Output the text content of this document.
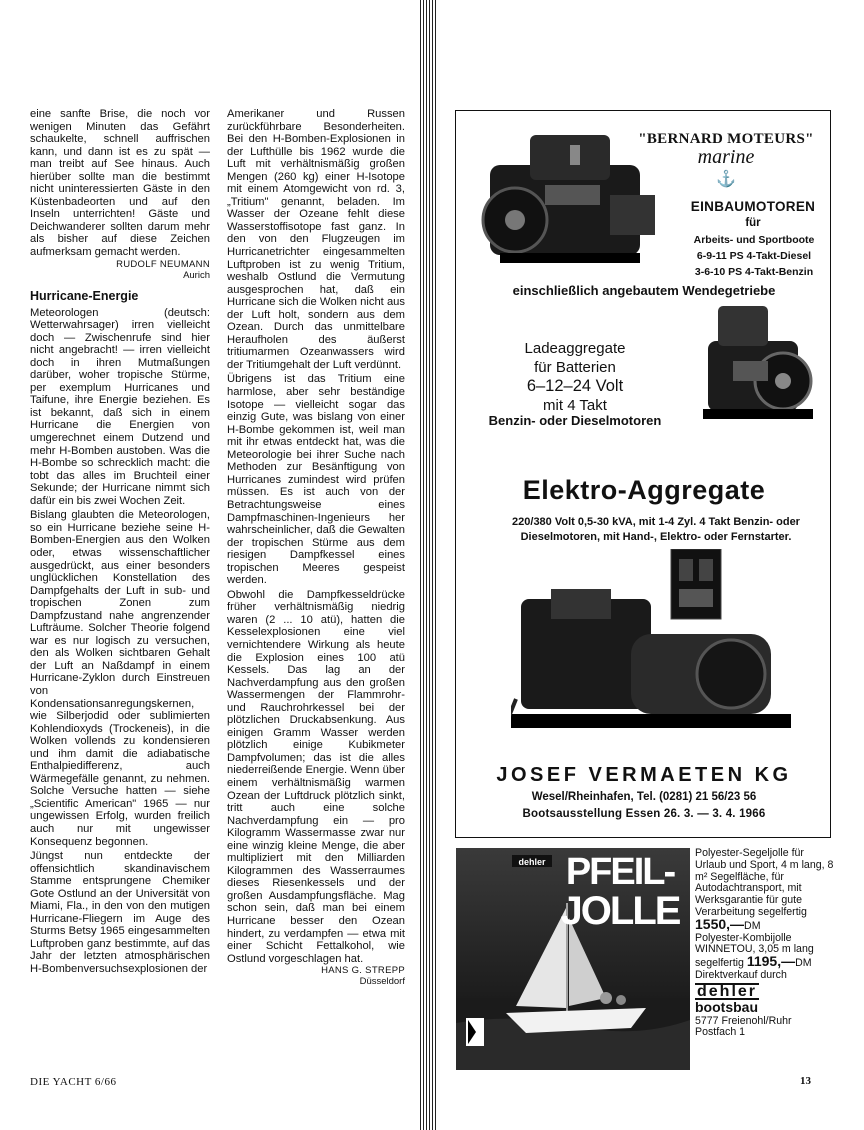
eine sanfte Brise, die noch vor wenigen Minuten das Gefährt schaukelte, schnell auffrischen kann, und dann ist es zu spät — man treibt auf See hinaus. Auch hierüber sollte man die bestimmt nicht uninteressierten Gäste in den Küstenbadeorten und auf den Inseln unterrichten! Gäste und Deichwanderer sollten darum mehr als bisher auf diese Zeichen aufmerksam gemacht werden.

RUDOLF NEUMANN
Aurich
Hurricane-Energie

Meteorologen (deutsch: Wetterwahrsager) irren vielleicht doch — Zwischenrufe sind hier nicht angebracht! — irren vielleicht doch in ihren Mutmaßungen darüber, woher tropische Stürme, per exemplum Hurricanes und Taifune, ihre Energie beziehen. Es ist bekannt, daß sich in einem Hurricane die Energien von umgerechnet einem Dutzend und mehr H-Bomben austoben. Was die H-Bombe so schrecklich macht: die tobt das alles im Bruchteil einer Sekunde; der Hurricane nimmt sich dafür ein bis zwei Wochen Zeit.

Bislang glaubten die Meteorologen, so ein Hurricane beziehe seine H-Bomben-Energien aus den Wolken oder, etwas wissenschaftlicher ausgedrückt, aus einer besonders unglücklichen Konstellation des Dampfgehalts der Luft in sub- und tropischen Zonen zum Dampfzustand nahe angrenzender Lufträume. Solcher Theorie folgend war es nur logisch zu versuchen, den als Wolken sichtbaren Gehalt der Luft an Naßdampf in einem Hurricane-Zyklon durch Einstreuen von Kondensationsanregungskernen, wie Silberjodid oder sublimierten Kohlendioxyds (Trockeneis), in die Wolken vollends zu kondensieren und ihm damit die adiabatische Enthalpiedifferenz, auch Wärmegefälle genannt, zu nehmen. Solche Versuche hatten — siehe „Scientific American" 1965 — nur ungewissen Erfolg, wurden freilich auch nur mit ungewisser Konsequenz begonnen.

Jüngst nun entdeckte der offensichtlich skandinavischem Stamme entsprungene Chemiker Gote Ostlund an der Universität von Miami, Fla., in den von den mutigen Hurricane-Fliegern im Auge des Sturms Betsy 1965 eingesammelten Luftproben ganz bestimmte, auf das Jahr der letzten atmosphärischen H-Bombenversuchsexplosionen der

Amerikaner und Russen zurückführbare Besonderheiten. Bei den H-Bomben-Explosionen in der Lufthülle bis 1962 wurde die Luft mit verhältnismäßig großen Mengen (260 kg) einer H-Isotope mit einem Atomgewicht von rd. 3, „Tritium" genannt, beladen. Im Wasser der Ozeane fehlt diese Wasserstoffisotope fast ganz. In den von den Flugzeugen im Hurricanetrichter eingesammelten Luftproben ist zu wenig Tritium, weshalb Ostlund die Vermutung ausgesprochen hat, daß ein Hurricane sich die Wolken nicht aus der Luft holt, sondern aus dem Ozean. Durch das unmittelbare Heraufholen des äußerst tritiumarmen Ozeanwassers wird der Tritiumgehalt der Luft verdünnt.

Übrigens ist das Tritium eine harmlose, aber sehr beständige Isotope — vielleicht sogar das einzig Gute, was bislang von einer H-Bombe gekommen ist, weil man mit ihr etwas entdeckt hat, was die Meteorologie bei ihrer Suche nach Methoden zur Besänftigung von Hurricanes zumindest wird prüfen müssen. Es ist auch von der Betrachtungsweise eines Dampfmaschinen-Ingenieurs her wahrscheinlicher, daß die Gewalten der tropischen Stürme aus dem riesigen Dampfkessel eines tropischen Meeres gespeist werden.

Obwohl die Dampfkesseldrücke früher verhältnismäßig niedrig waren (2 ... 10 atü), hatten die Kesselexplosionen eine viel vernichtendere Wirkung als heute die Explosion eines 100 atü Kessels. Das lag an der Nachverdampfung aus den großen Wassermengen der Flammrohr- und Rauchrohrkessel bei der plötzlichen Druckabsenkung. Aus einigen Gramm Wasser werden plötzlich einige Kubikmeter Dampfvolumen; das ist die alles niederreißende Energie. Wenn über einem verhältnismäßig warmen Ozean der Luftdruck plötzlich sinkt, tritt auch eine solche Nachverdampfung ein — pro Kilogramm Wassermasse zwar nur eine winzig kleine Menge, die aber multipliziert mit den Milliarden Kilogrammen des Wasserraumes dieses Riesenkessels und der großen Ausdampfungsfläche. Mag schon sein, daß man bei einem Hurricane besser den Ozean hindert, zu verdampfen — etwa mit einer Schicht Fettalkohol, wie Ostlund vorgeschlagen hat.

HANS G. STREPP
Düsseldorf
DIE YACHT 6/66	13
"BERNARD MOTEURS"
marine
⚓
EINBAUMOTOREN
für
Arbeits- und Sportboote
6-9-11 PS 4-Takt-Diesel
3-6-10 PS 4-Takt-Benzin
einschließlich angebautem Wendegetriebe
Ladeaggregate
für Batterien
6–12–24 Volt
mit 4 Takt
Benzin- oder Dieselmotoren
Elektro-Aggregate
220/380 Volt 0,5-30 kVA, mit 1-4 Zyl. 4 Takt Benzin- oder Dieselmotoren, mit Hand-, Elektro- oder Fernstarter.
JOSEF VERMAETEN KG
Wesel/Rheinhafen, Tel. (0281) 21 56/23 56
Bootsausstellung Essen 26. 3. — 3. 4. 1966
dehler PFEIL-
JOLLE
Polyester-Segeljolle für Urlaub und Sport, 4 m lang, 8 m² Segelfläche, für Autodachtransport, mit Werksgarantie für gute Verarbeitung segelfertig 1550,—DM
Polyester-Kombijolle WINNETOU, 3,05 m lang segelfertig 1195,—DM
Direktverkauf durch
dehler
bootsbau
5777 Freienohl/Ruhr
Postfach 1
